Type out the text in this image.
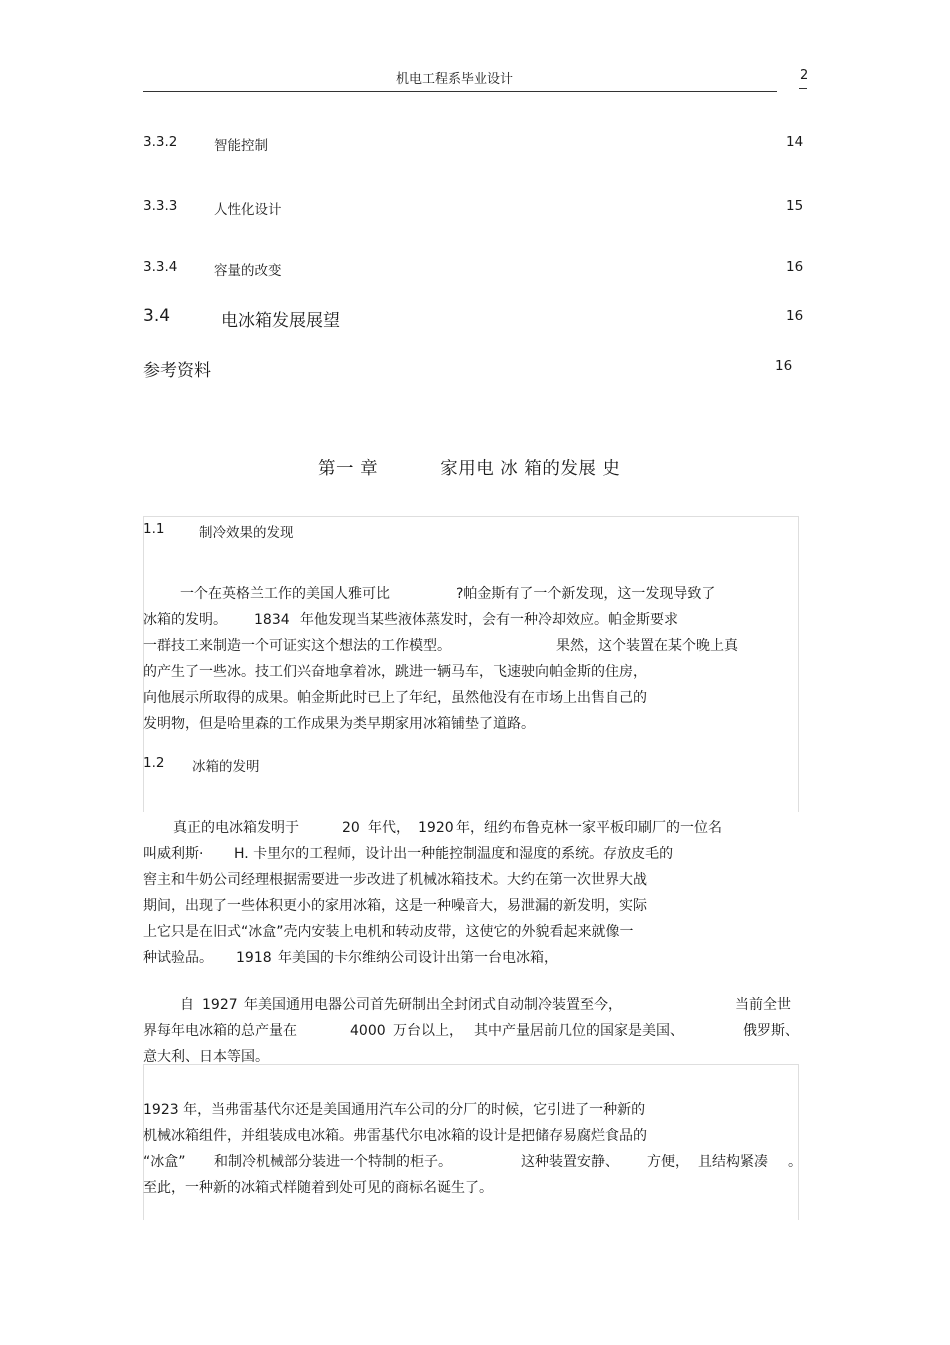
机电工程系毕业设计	2
3.3.2	智能控制	14
3.3.3	人性化设计	15
3.3.4	容量的改变	16
3.4	电冰箱发展展望	16
参考资料	16
第一 章	家用电 冰 箱的发展 史
1.1	制冷效果的发现
一个在英格兰工作的美国人雅可比	?帕金斯有了一个新发现，这一发现导致了
冰箱的发明。 1834 年他发现当某些液体蒸发时，会有一种冷却效应。帕金斯要求
一群技工来制造一个可证实这个想法的工作模型。	果然，这个装置在某个晚上真
的产生了一些冰。技工们兴奋地拿着冰，跳进一辆马车，飞速驶向帕金斯的住房，
向他展示所取得的成果。帕金斯此时已上了年纪，虽然他没有在市场上出售自己的
发明物，但是哈里森的工作成果为类早期家用冰箱铺垫了道路。
1.2 冰箱的发明
真正的电冰箱发明于	20 年代， 1920 年，纽约布鲁克林一家平板印刷厂的一位名
叫威利斯· H. 卡里尔的工程师，设计出一种能控制温度和湿度的系统。存放皮毛的
窖主和牛奶公司经理根据需要进一步改进了机械冰箱技术。大约在第一次世界大战
期间，出现了一些体积更小的家用冰箱，这是一种噪音大，易泄漏的新发明，实际
上它只是在旧式“冰盒”壳内安装上电机和转动皮带，这使它的外貌看起来就像一
种试验品。 1918 年美国的卡尔维纳公司设计出第一台电冰箱，
自 1927 年美国通用电器公司首先研制出全封闭式自动制冷装置至今，	当前全世
界每年电冰箱的总产量在	4000 万台以上， 其中产量居前几位的国家是美国、	俄罗斯、
意大利、日本等国。
1923 年，当弗雷基代尔还是美国通用汽车公司的分厂的时候，它引进了一种新的
机械冰箱组件，并组装成电冰箱。弗雷基代尔电冰箱的设计是把储存易腐烂食品的
“冰盒” 和制冷机械部分装进一个特制的柜子。	这种装置安静、 方便， 且结构紧凑 。
至此，一种新的冰箱式样随着到处可见的商标名诞生了。
